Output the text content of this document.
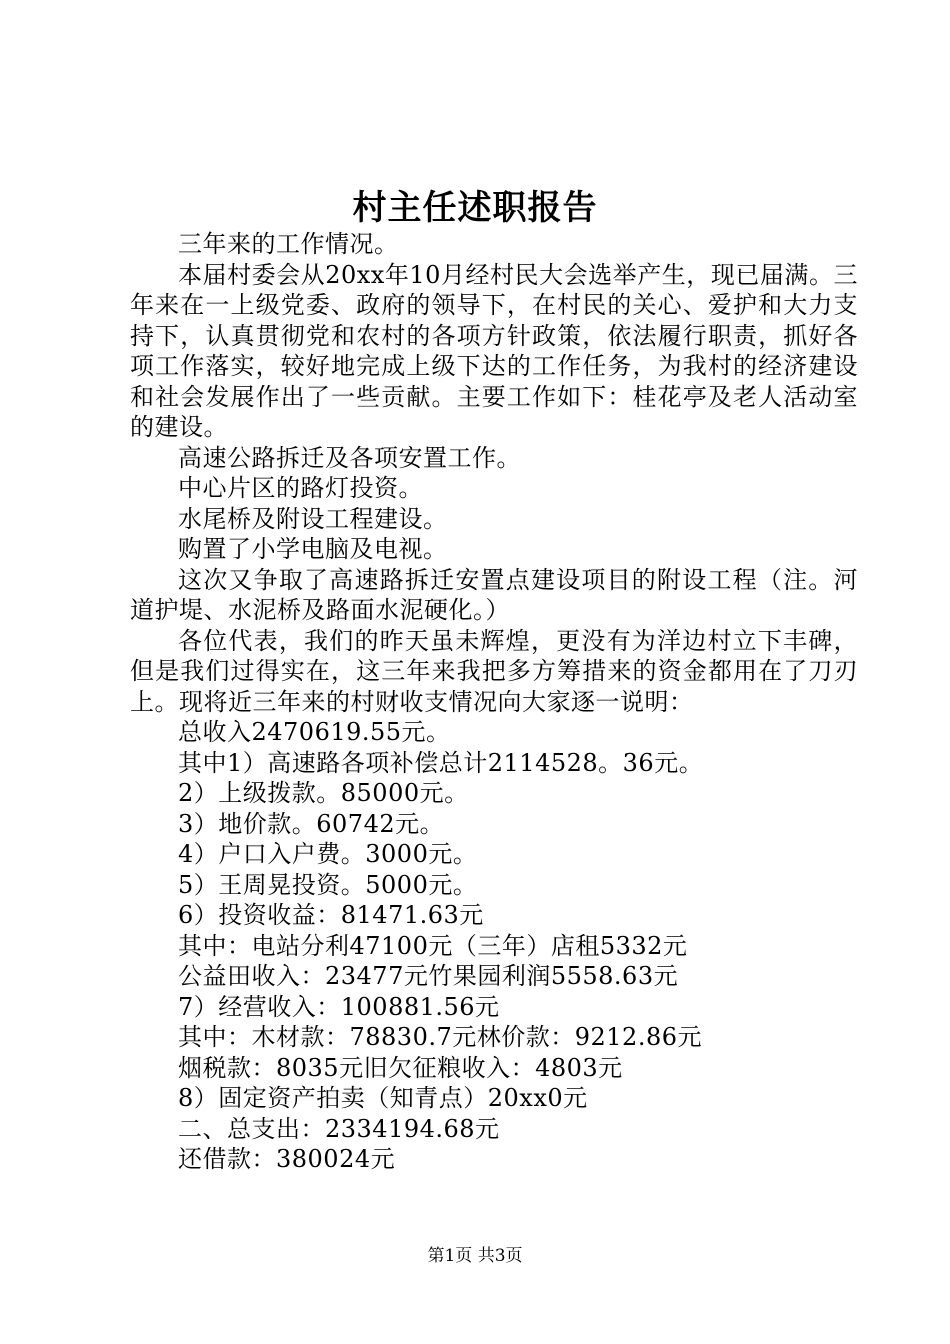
村主任述职报告

三年来的工作情况。

本届村委会从20xx年10月经村民大会选举产生，现已届满。三年来在一上级党委、政府的领导下，在村民的关心、爱护和大力支持下，认真贯彻党和农村的各项方针政策，依法履行职责，抓好各项工作落实，较好地完成上级下达的工作任务，为我村的经济建设和社会发展作出了一些贡献。主要工作如下：桂花亭及老人活动室的建设。

高速公路拆迁及各项安置工作。

中心片区的路灯投资。

水尾桥及附设工程建设。

购置了小学电脑及电视。

这次又争取了高速路拆迁安置点建设项目的附设工程（注。河道护堤、水泥桥及路面水泥硬化。）

各位代表，我们的昨天虽未辉煌，更没有为洋边村立下丰碑，但是我们过得实在，这三年来我把多方筹措来的资金都用在了刀刃上。现将近三年来的村财收支情况向大家逐一说明：

总收入2470619.55元。

其中1）高速路各项补偿总计2114528。36元。

2）上级拨款。85000元。

3）地价款。60742元。

4）户口入户费。3000元。

5）王周晃投资。5000元。

6）投资收益：81471.63元

其中：电站分利47100元（三年）店租5332元

公益田收入：23477元竹果园利润5558.63元

7）经营收入：100881.56元

其中：木材款：78830.7元林价款：9212.86元

烟税款：8035元旧欠征粮收入：4803元

8）固定资产拍卖（知青点）20xx0元

二、总支出：2334194.68元

还借款：380024元

第1页 共3页
